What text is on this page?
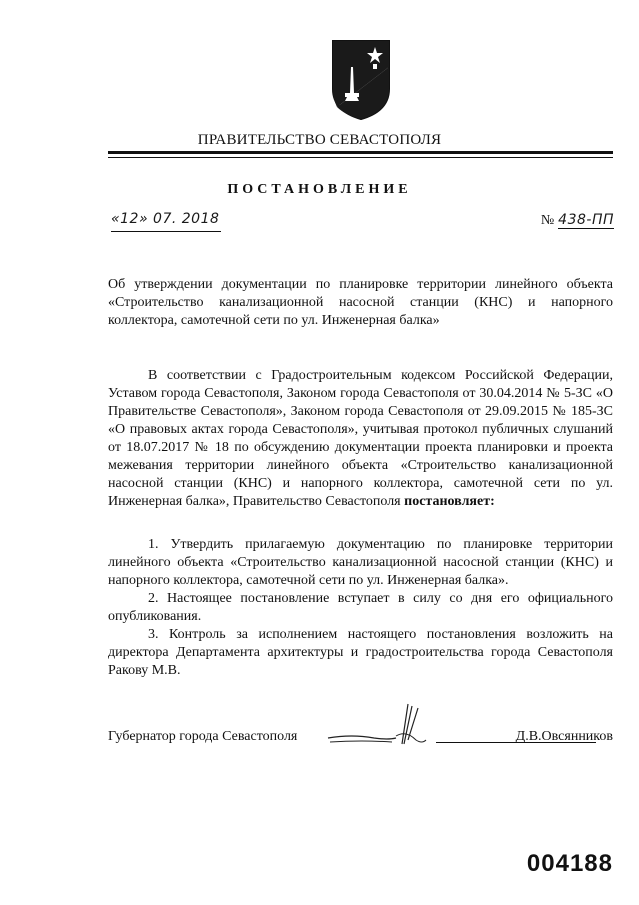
ПРАВИТЕЛЬСТВО СЕВАСТОПОЛЯ
ПОСТАНОВЛЕНИЕ
«12» 07. 2018	№ 438-ПП

Об утверждении документации по планировке территории линейного объекта «Строительство канализационной насосной станции (КНС) и напорного коллектора, самотечной сети по ул. Инженерная балка»

В соответствии с Градостроительным кодексом Российской Федерации, Уставом города Севастополя, Законом города Севастополя от 30.04.2014 № 5-ЗС «О Правительстве Севастополя», Законом города Севастополя от 29.09.2015 № 185-ЗС «О правовых актах города Севастополя», учитывая протокол публичных слушаний от 18.07.2017 № 18 по обсуждению документации проекта планировки и проекта межевания территории линейного объекта «Строительство канализационной насосной станции (КНС) и напорного коллектора, самотечной сети по ул. Инженерная балка», Правительство Севастополя постановляет:

1. Утвердить прилагаемую документацию по планировке территории линейного объекта «Строительство канализационной насосной станции (КНС) и напорного коллектора, самотечной сети по ул. Инженерная балка».

2. Настоящее постановление вступает в силу со дня его официального опубликования.

3. Контроль за исполнением настоящего постановления возложить на директора Департамента архитектуры и градостроительства города Севастополя Ракову М.В.

Губернатор города Севастополя	Д.В.Овсянников
004188
